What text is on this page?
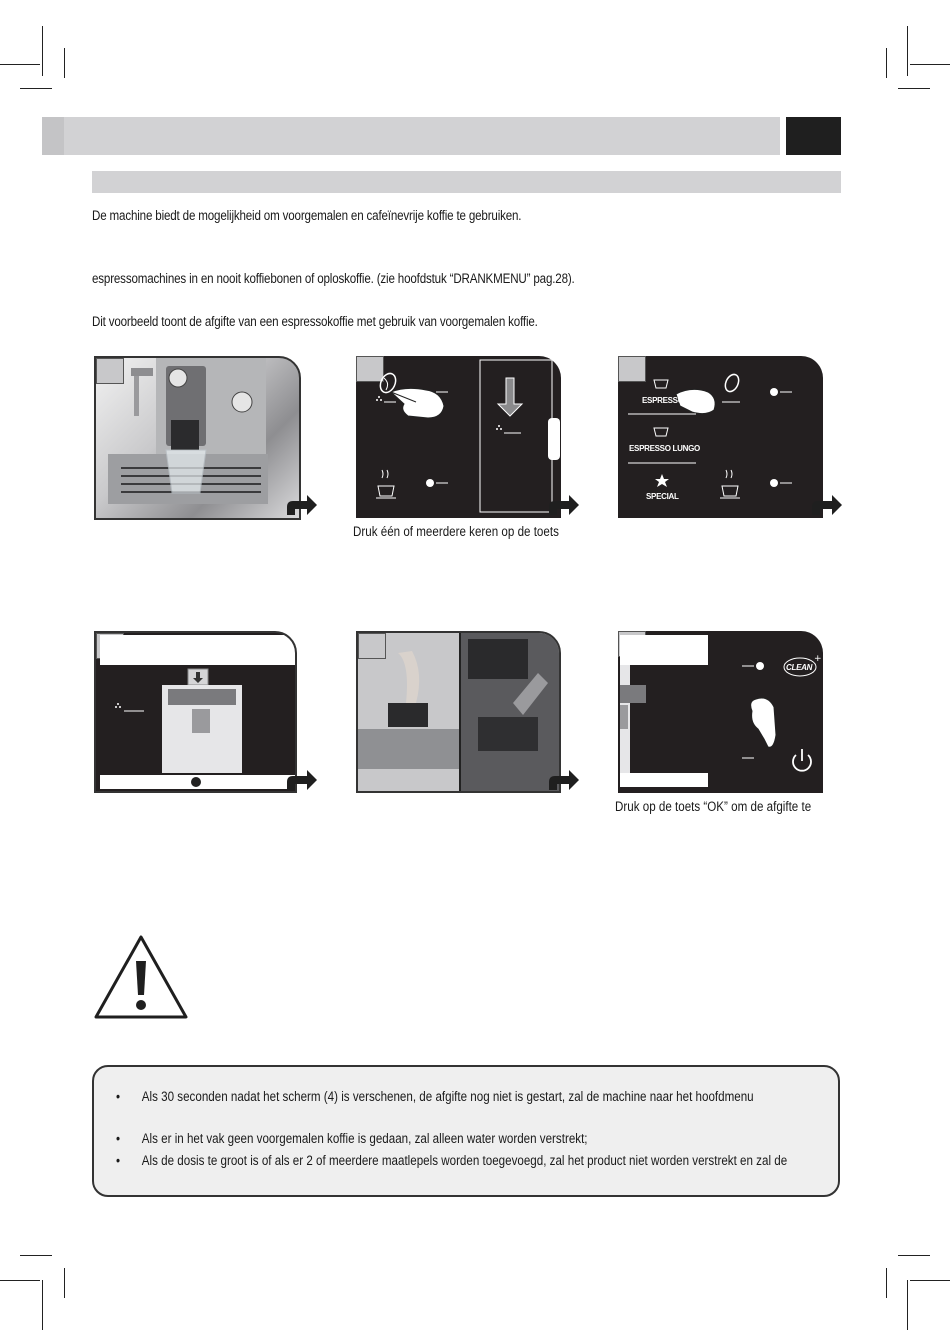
De machine biedt de mogelijkheid om voorgemalen en cafeïnevrije koffie te gebruiken.
espressomachines in en nooit koffiebonen of oploskoffie. (zie hoofdstuk “DRANKMENU” pag.28).
Dit voorbeeld toont de afgifte van een espressokoffie met gebruik van voorgemalen koffie.
Druk één of meerdere keren op de toets
ESPRESSO
ESPRESSO LUNGO
SPECIAL
+
CLEAN
Druk op de toets “OK” om de afgifte te
• Als 30 seconden nadat het scherm (4) is verschenen, de afgifte nog niet is gestart, zal de machine naar het hoofdmenu
• Als er in het vak geen voorgemalen koffie is gedaan, zal alleen water worden verstrekt;
• Als de dosis te groot is of als er 2 of meerdere maatlepels worden toegevoegd, zal het product niet worden verstrekt en zal de
